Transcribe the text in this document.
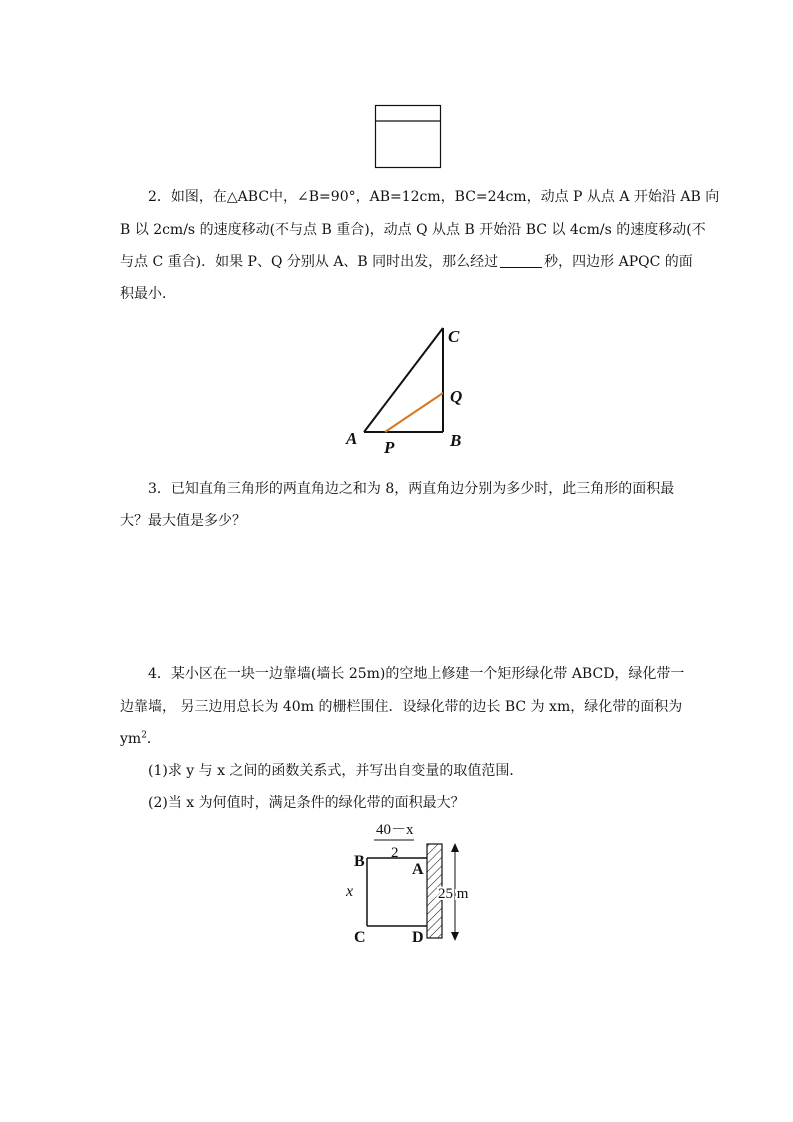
2．如图，在△ABC中，∠B=90°，AB=12cm，BC=24cm，动点 P 从点 A 开始沿 AB 向
B 以 2cm/s 的速度移动(不与点 B 重合)，动点 Q 从点 B 开始沿 BC 以 4cm/s 的速度移动(不
与点 C 重合)．如果 P、Q 分别从 A、B 同时出发，那么经过	秒，四边形 APQC 的面
积最小．
C
Q
A P	B
3．已知直角三角形的两直角边之和为 8，两直角边分别为多少时，此三角形的面积最
大？最大值是多少？
4．某小区在一块一边靠墙(墙长 25m)的空地上修建一个矩形绿化带 ABCD，绿化带一
边靠墙， 另三边用总长为 40m 的栅栏围住．设绿化带的边长 BC 为 xm，绿化带的面积为
$ym^2$．
(1)求 y 与 x 之间的函数关系式，并写出自变量的取值范围．
(2)当 x 为何值时，满足条件的绿化带的面积最大？
40－x
2
25 m
B	A
x
C	D
